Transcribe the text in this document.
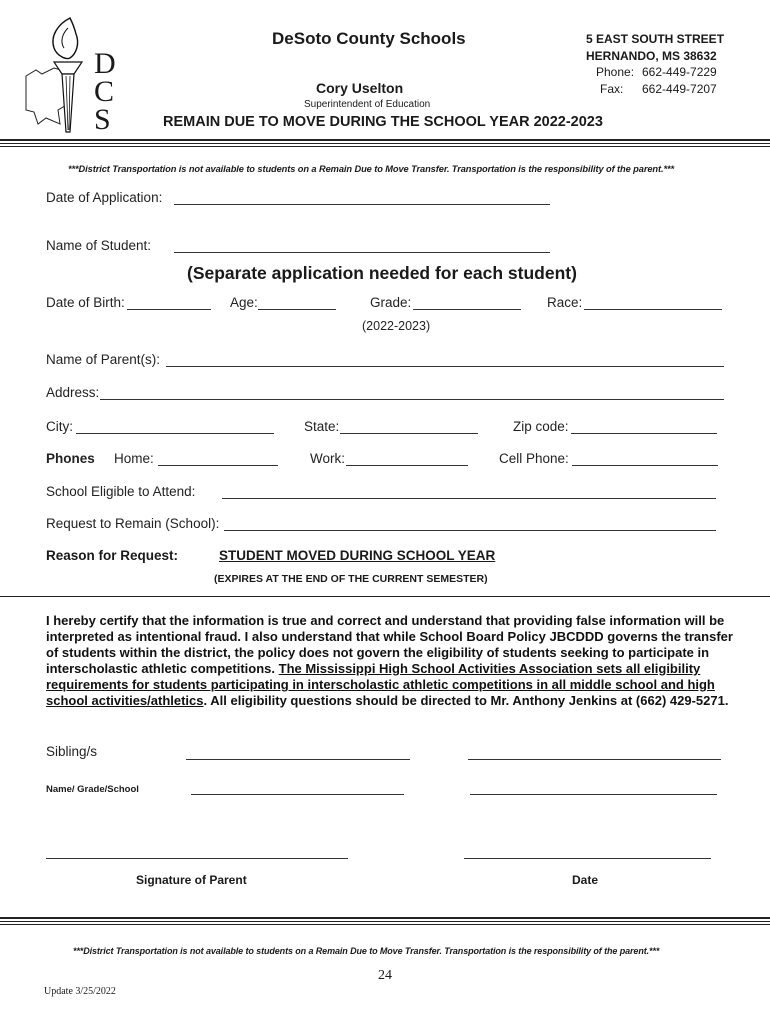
D
C
S
DeSoto County Schools
Cory Uselton
Superintendent of Education
5 EAST SOUTH STREET
HERNANDO, MS 38632
Phone: 662-449-7229
Fax: 662-449-7207
REMAIN DUE TO MOVE DURING THE SCHOOL YEAR 2022-2023
***District Transportation is not available to students on a Remain Due to Move Transfer. Transportation is the responsibility of the parent.***
Date of Application:
Name of Student:
(Separate application needed for each student)
Date of Birth:	Age:	Grade:	Race:
(2022-2023)
Name of Parent(s):
Address:
City:	State:	Zip code:
Phones Home:	Work:	Cell Phone:
School Eligible to Attend:
Request to Remain (School):
Reason for Request:	STUDENT MOVED DURING SCHOOL YEAR
(EXPIRES AT THE END OF THE CURRENT SEMESTER)
I hereby certify that the information is true and correct and understand that providing false information will be interpreted as intentional fraud. I also understand that while School Board Policy JBCDDD governs the transfer of students within the district, the policy does not govern the eligibility of students seeking to participate in interscholastic athletic competitions. The Mississippi High School Activities Association sets all eligibility requirements for students participating in interscholastic athletic competitions in all middle school and high school activities/athletics. All eligibility questions should be directed to Mr. Anthony Jenkins at (662) 429-5271.
Sibling/s
Name/ Grade/School
Signature of Parent	Date
***District Transportation is not available to students on a Remain Due to Move Transfer. Transportation is the responsibility of the parent.***
24
Update 3/25/2022
